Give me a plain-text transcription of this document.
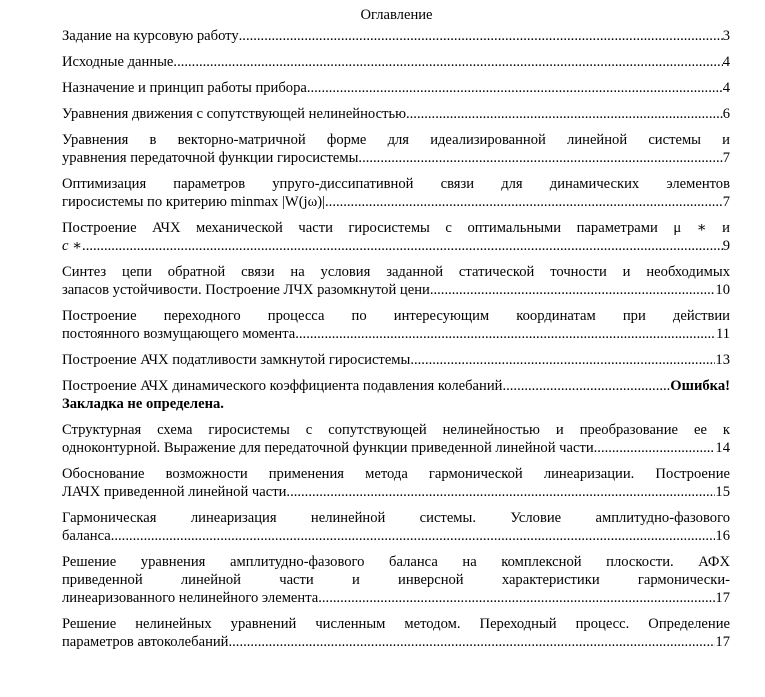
Оглавление
Задание на курсовую работу .....	3
Исходные данные .....	4
Назначение и принцип работы прибора .....	4
Уравнения движения с сопутствующей нелинейностью .....	6
Уравнения в векторно-матричной форме для идеализированной линейной системы и
уравнения передаточной функции гиросистемы .....	7
Оптимизация параметров упруго-диссипативной связи для динамических элементов
гиросистемы по критерию minmax |W(jω)| .....	7
Построение АЧХ механической части гиросистемы с оптимальными параметрами μ ∗ и
c ∗ .....	9
Синтез цепи обратной связи на условия заданной статической точности и необходимых
запасов устойчивости. Построение ЛЧХ разомкнутой цени .....	10
Построение переходного процесса по интересующим координатам при действии
постоянного возмущающего момента .....	11
Построение АЧХ податливости замкнутой гиросистемы .....	13
Построение АЧХ динамического коэффициента подавления колебаний .....	Ошибка!
Закладка не определена.
Структурная схема гиросистемы с сопутствующей нелинейностью и преобразование ее к
одноконтурной. Выражение для передаточной функции приведенной линейной части .....	14
Обоснование возможности применения метода гармонической линеаризации. Построение
ЛАЧХ приведенной линейной части .....	15
Гармоническая линеаризация нелинейной системы. Условие амплитудно-фазового
баланса .....	16
Решение уравнения амплитудно-фазового баланса на комплексной плоскости. АФХ
приведенной линейной части и инверсной характеристики гармонически-
линеаризованного нелинейного элемента .....	17
Решение нелинейных уравнений численным методом. Переходный процесс. Определение
параметров автоколебаний .....	17
